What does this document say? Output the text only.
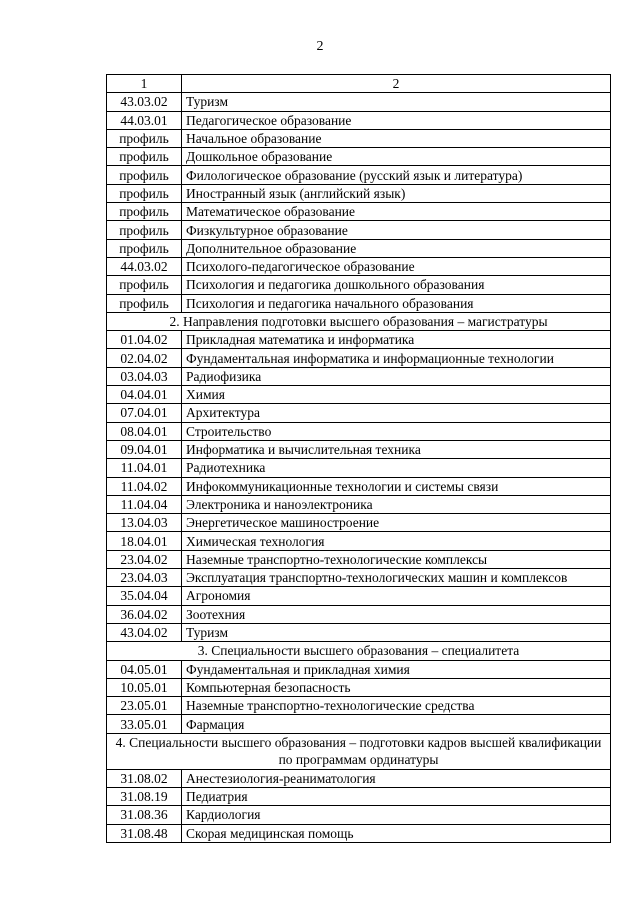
2
1	2
43.03.02	Туризм
44.03.01	Педагогическое образование
профиль	Начальное образование
профиль	Дошкольное образование
профиль	Филологическое образование (русский язык и литература)
профиль	Иностранный язык (английский язык)
профиль	Математическое образование
профиль	Физкультурное образование
профиль	Дополнительное образование
44.03.02	Психолого-педагогическое образование
профиль	Психология и педагогика дошкольного образования
профиль	Психология и педагогика начального образования
2. Направления подготовки высшего образования – магистратуры	
01.04.02	Прикладная математика и информатика
02.04.02	Фундаментальная информатика и информационные технологии
03.04.03	Радиофизика
04.04.01	Химия
07.04.01	Архитектура
08.04.01	Строительство
09.04.01	Информатика и вычислительная техника
11.04.01	Радиотехника
11.04.02	Инфокоммуникационные технологии и системы связи
11.04.04	Электроника и наноэлектроника
13.04.03	Энергетическое машиностроение
18.04.01	Химическая технология
23.04.02	Наземные транспортно-технологические комплексы
23.04.03	Эксплуатация транспортно-технологических машин и комплексов
35.04.04	Агрономия
36.04.02	Зоотехния
43.04.02	Туризм
3. Специальности высшего образования – специалитета	
04.05.01	Фундаментальная и прикладная химия
10.05.01	Компьютерная безопасность
23.05.01	Наземные транспортно-технологические средства
33.05.01	Фармация
4. Специальности высшего образования – подготовки кадров высшей квалификации по программам ординатуры	
31.08.02	Анестезиология-реаниматология
31.08.19	Педиатрия
31.08.36	Кардиология
31.08.48	Скорая медицинская помощь
